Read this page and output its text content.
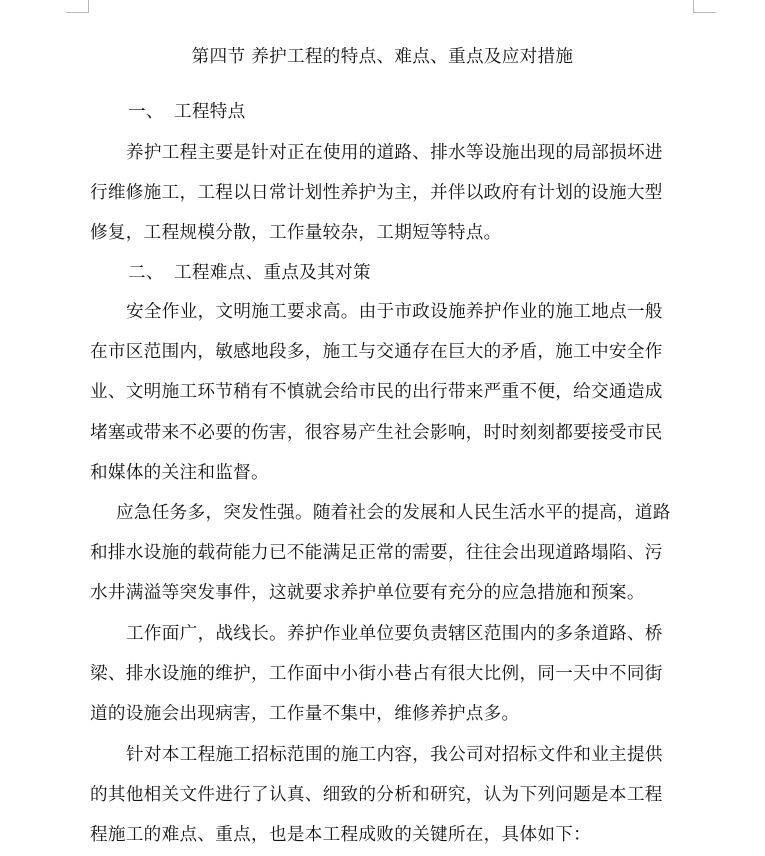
第四节 养护工程的特点、难点、重点及应对措施
一、 工程特点
养护工程主要是针对正在使用的道路、排水等设施出现的局部损坏进
行维修施工，工程以日常计划性养护为主，并伴以政府有计划的设施大型
修复，工程规模分散，工作量较杂，工期短等特点。
二、 工程难点、重点及其对策
安全作业，文明施工要求高。由于市政设施养护作业的施工地点一般
在市区范围内，敏感地段多，施工与交通存在巨大的矛盾，施工中安全作
业、文明施工环节稍有不慎就会给市民的出行带来严重不便，给交通造成
堵塞或带来不必要的伤害，很容易产生社会影响，时时刻刻都要接受市民
和媒体的关注和监督。
应急任务多，突发性强。随着社会的发展和人民生活水平的提高，道路
和排水设施的载荷能力已不能满足正常的需要，往往会出现道路塌陷、污
水井满溢等突发事件，这就要求养护单位要有充分的应急措施和预案。
工作面广，战线长。养护作业单位要负责辖区范围内的多条道路、桥
梁、排水设施的维护，工作面中小街小巷占有很大比例，同一天中不同街
道的设施会出现病害，工作量不集中，维修养护点多。
针对本工程施工招标范围的施工内容，我公司对招标文件和业主提供
的其他相关文件进行了认真、细致的分析和研究，认为下列问题是本工程
程施工的难点、重点，也是本工程成败的关键所在，具体如下：
